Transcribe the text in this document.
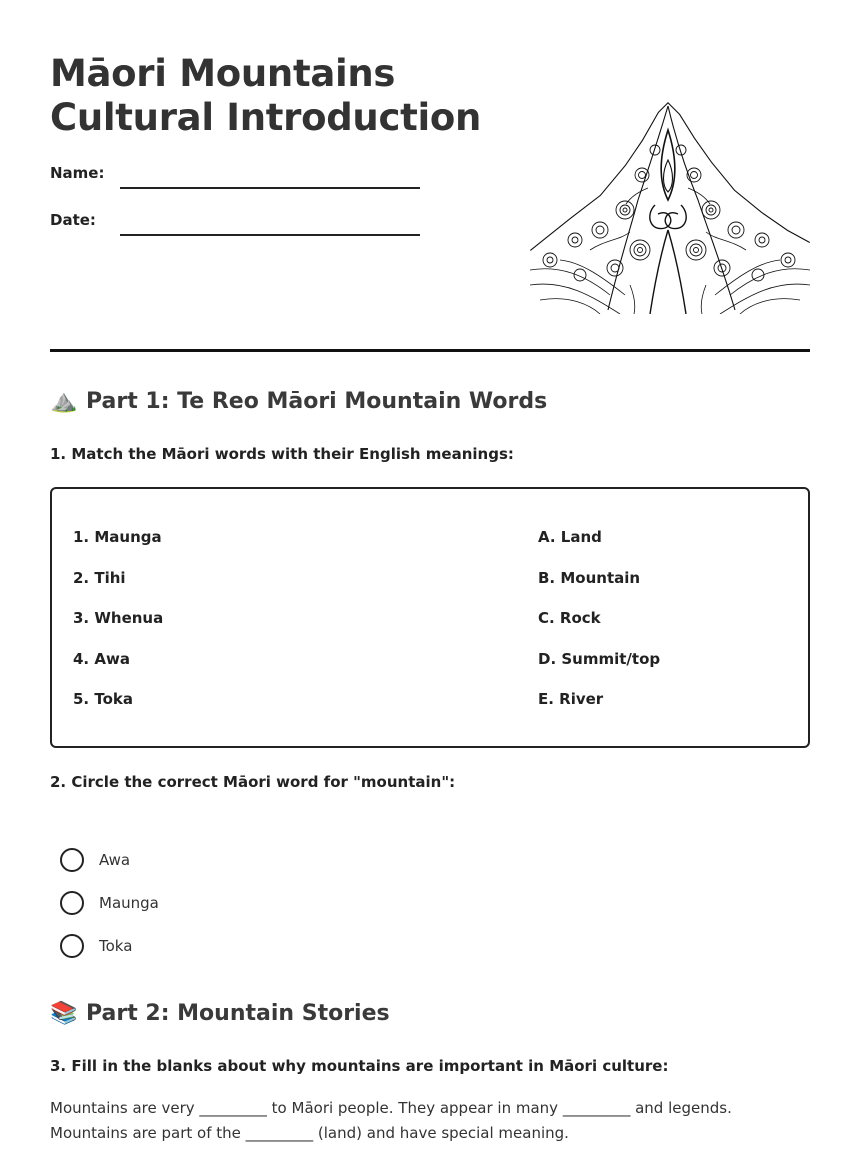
Māori Mountains
Cultural Introduction
Name:
Date:
⛰️ Part 1: Te Reo Māori Mountain Words

1. Match the Māori words with their English meanings:

1. Maunga
2. Tihi
3. Whenua
4. Awa
5. Toka
A. Land
B. Mountain
C. Rock
D. Summit/top
E. River

2. Circle the correct Māori word for "mountain":

Awa
Maunga
Toka
📚 Part 2: Mountain Stories

3. Fill in the blanks about why mountains are important in Māori culture:

Mountains are very _________ to Māori people. They appear in many _________ and legends. Mountains are part of the _________ (land) and have special meaning.
